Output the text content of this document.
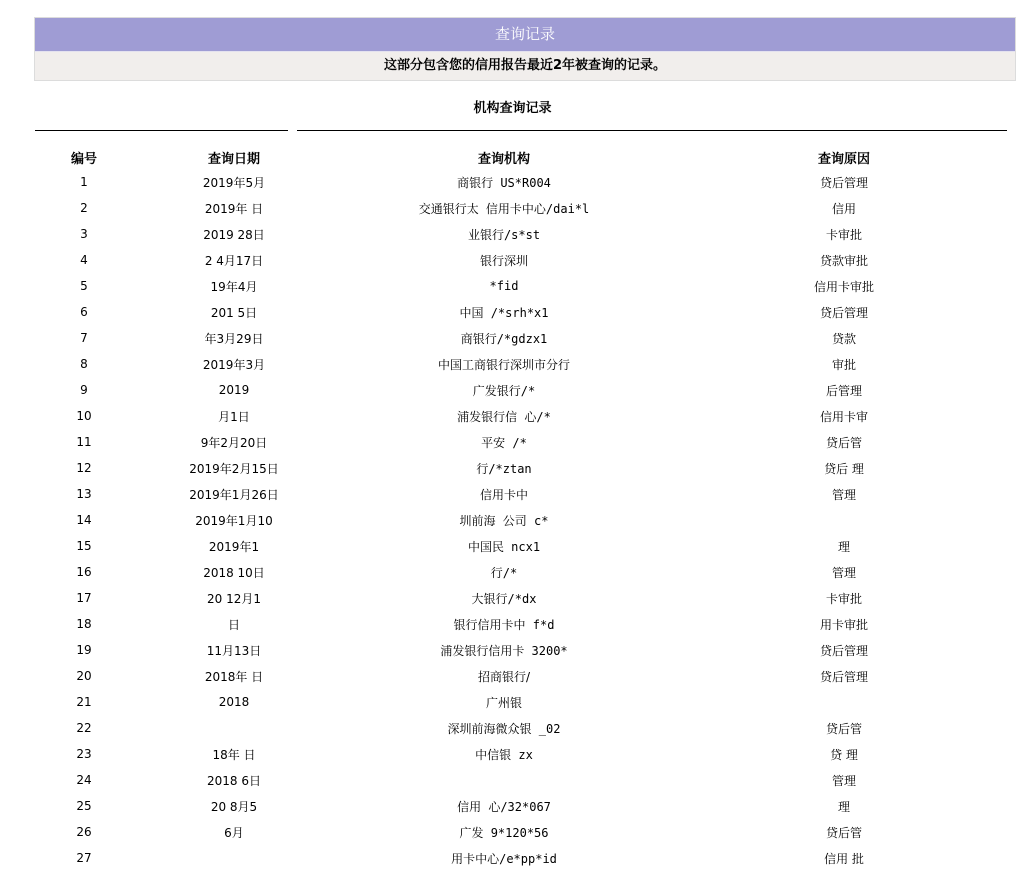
查询记录
这部分包含您的信用报告最近2年被查询的记录。
机构查询记录
编号	查询日期	查询机构	查询原因
1	2019年5月	商银行 US*R004	贷后管理
2	2019年 日	交通银行太 信用卡中心/dai*l	信用
3	2019 28日	业银行/s*st	卡审批
4	2 4月17日	银行深圳	贷款审批
5	19年4月	*fid	信用卡审批
6	201 5日	中国 /*srh*x1	贷后管理
7	年3月29日	商银行/*gdzx1	贷款
8	2019年3月	中国工商银行深圳市分行	审批
9	2019	广发银行/*	后管理
10	月1日	浦发银行信 心/*	信用卡审
11	9年2月20日	平安 /*	贷后管
12	2019年2月15日	行/*ztan	贷后 理
13	2019年1月26日	信用卡中	管理
14	2019年1月10	圳前海 公司 c*	
15	2019年1	中国民 ncx1	理
16	2018 10日	行/*	管理
17	20 12月1	大银行/*dx	卡审批
18	日	银行信用卡中 f*d	用卡审批
19	11月13日	浦发银行信用卡 3200*	贷后管理
20	2018年 日	招商银行/	贷后管理
21	2018	广州银	
22		深圳前海微众银 _02	贷后管
23	18年 日	中信银 zx	贷 理
24	2018 6日		管理
25	20 8月5	信用 心/32*067	理
26	6月	广发 9*120*56	贷后管
27		用卡中心/e*pp*id	信用 批
